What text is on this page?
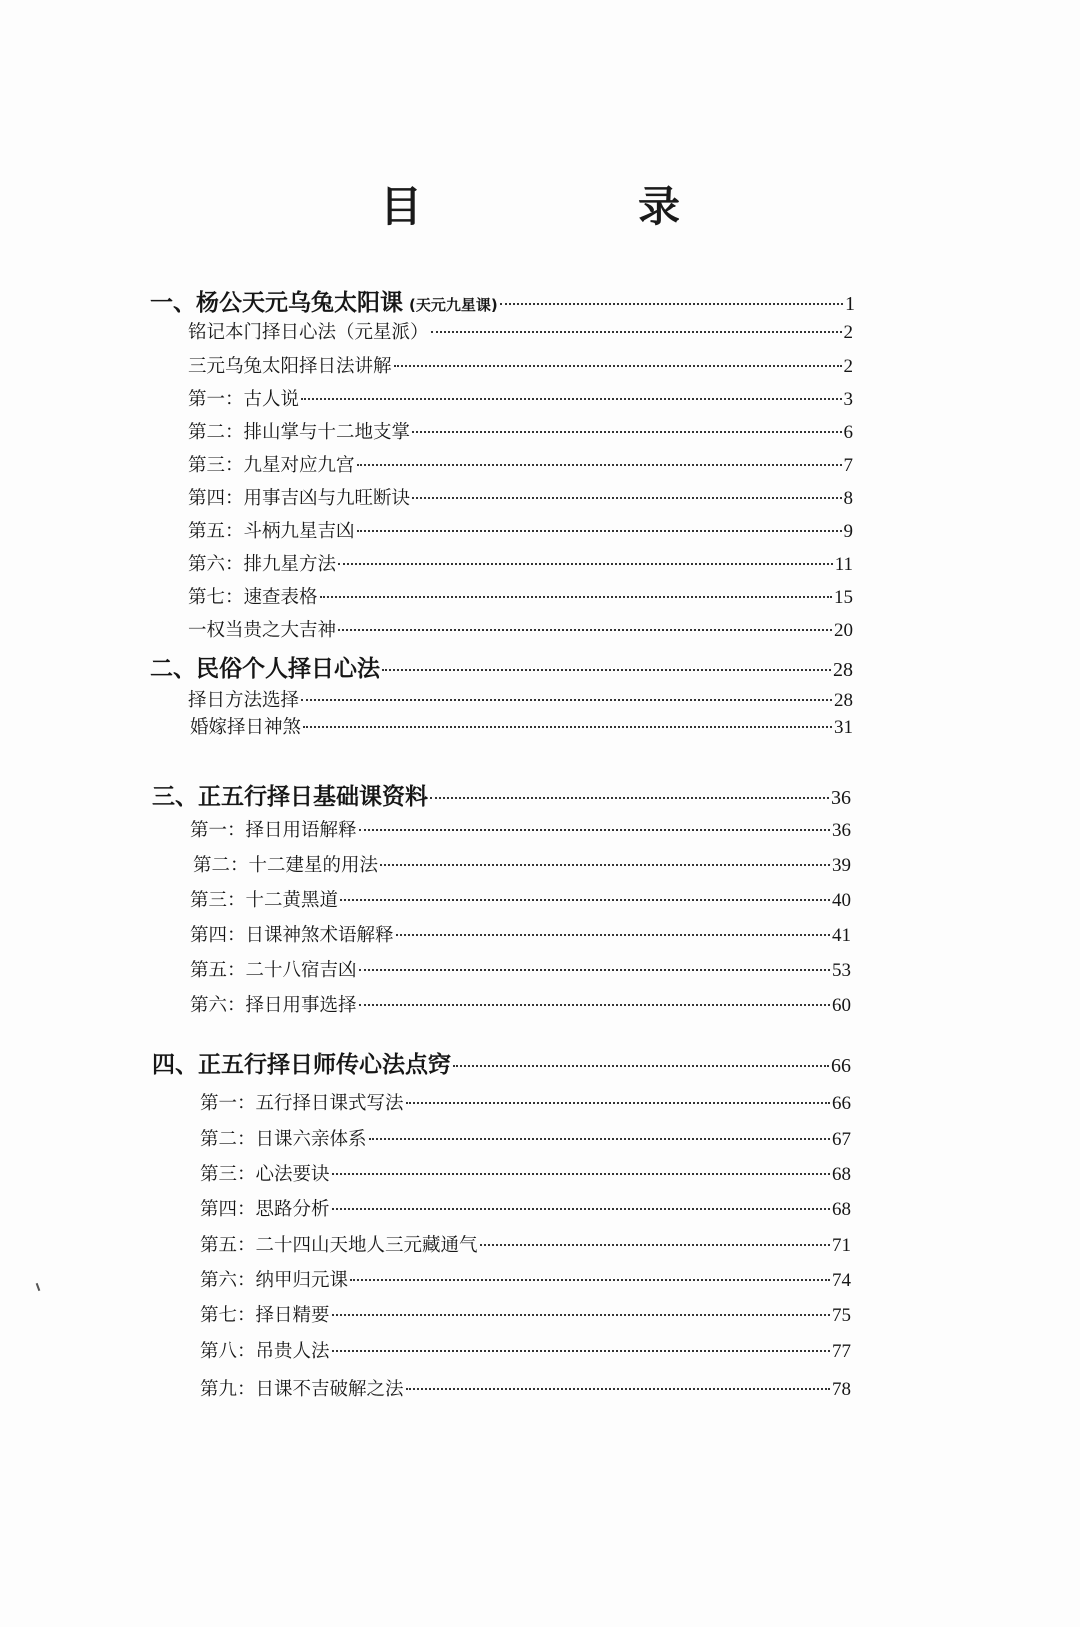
目	录
一、杨公天元乌兔太阳课 (天元九星课)	1
铭记本门择日心法（元星派）	2
三元乌兔太阳择日法讲解	2
第一：古人说	3
第二：排山掌与十二地支掌	6
第三：九星对应九宫	7
第四：用事吉凶与九旺断诀	8
第五：斗柄九星吉凶	9
第六：排九星方法	11
第七：速查表格	15
一权当贵之大吉神	20
二、民俗个人择日心法	28
择日方法选择	28
婚嫁择日神煞	31
三、正五行择日基础课资料	36
第一：择日用语解释	36
第二：十二建星的用法	39
第三：十二黄黑道	40
第四：日课神煞术语解释	41
第五：二十八宿吉凶	53
第六：择日用事选择	60
四、正五行择日师传心法点窍	66
第一：五行择日课式写法	66
第二：日课六亲体系	67
第三：心法要诀	68
第四：思路分析	68
第五：二十四山天地人三元藏通气	71
第六：纳甲归元课	74
第七：择日精要	75
第八：吊贵人法	77
第九：日课不吉破解之法	78
